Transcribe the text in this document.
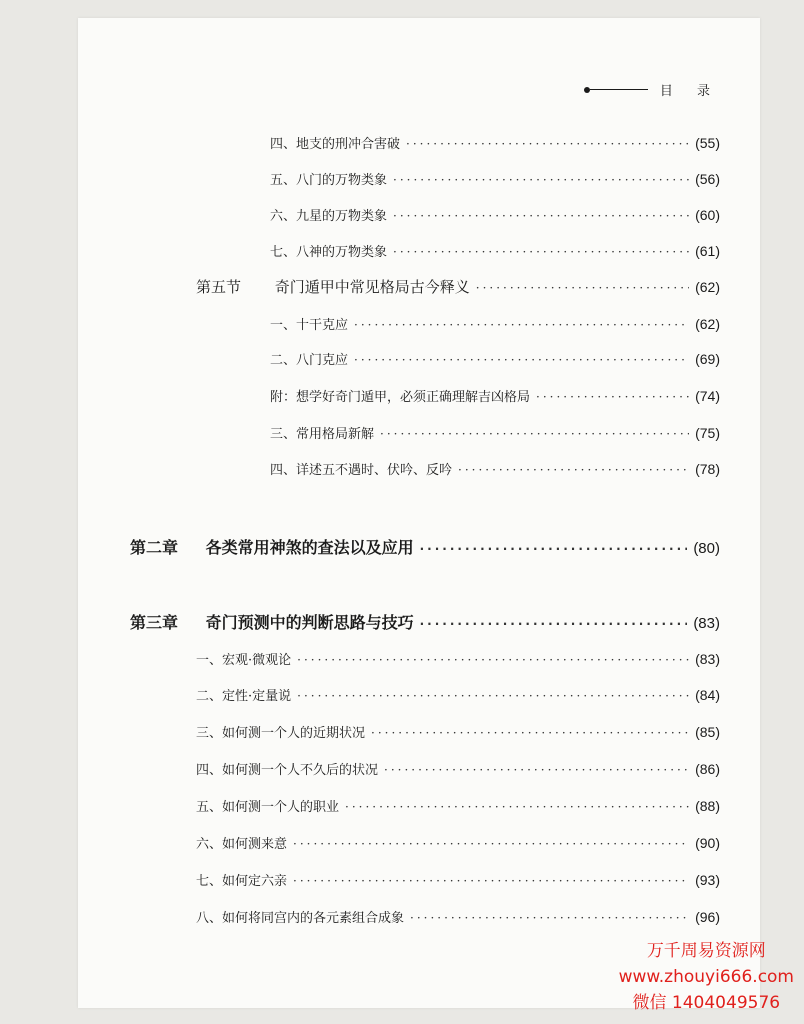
目 录
四、地支的刑冲合害破 ·····	(55)
五、八门的万物类象 ·····	(56)
六、九星的万物类象 ·····	(60)
七、八神的万物类象 ·····	(61)
第五节 奇门遁甲中常见格局古今释义 ·····	(62)
一、十干克应 ·····	(62)
二、八门克应 ·····	(69)
附：想学好奇门遁甲，必须正确理解吉凶格局 ·····	(74)
三、常用格局新解 ·····	(75)
四、详述五不遇时、伏吟、反吟 ·····	(78)
第二章 各类常用神煞的查法以及应用 ·····	(80)
第三章 奇门预测中的判断思路与技巧 ·····	(83)
一、宏观·微观论 ·····	(83)
二、定性·定量说 ·····	(84)
三、如何测一个人的近期状况 ·····	(85)
四、如何测一个人不久后的状况 ·····	(86)
五、如何测一个人的职业 ·····	(88)
六、如何测来意 ·····	(90)
七、如何定六亲 ·····	(93)
八、如何将同宫内的各元素组合成象 ·····	(96)
万千周易资源网
www.zhouyi666.com
微信 1404049576
